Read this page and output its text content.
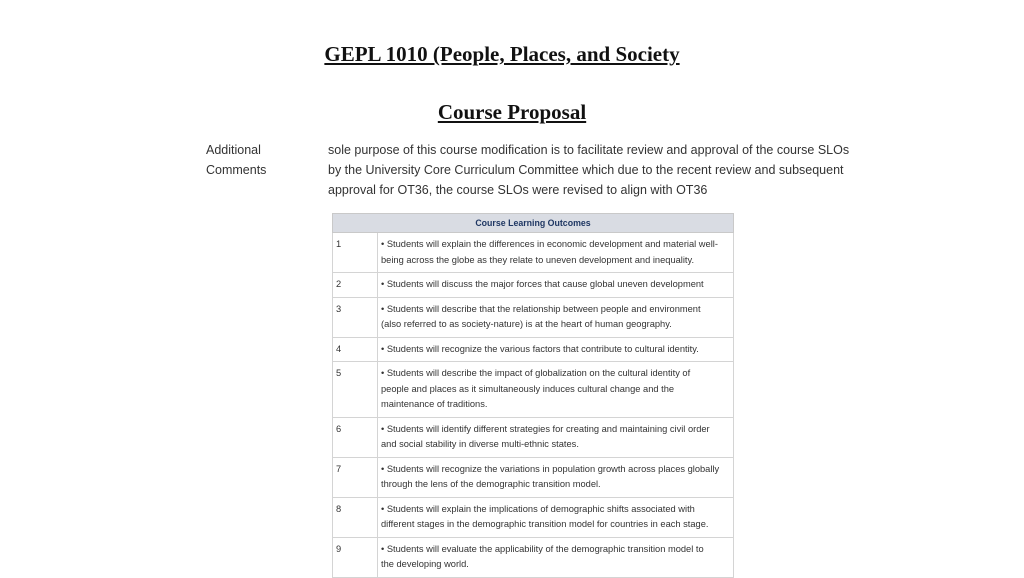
GEPL 1010 (People, Places, and Society
Course Proposal
Additional
Comments
sole purpose of this course modification is to facilitate review and approval of the course SLOs
by the University Core Curriculum Committee which due to the recent review and subsequent
approval for OT36, the course SLOs were revised to align with OT36
Course Learning Outcomes	
1	• Students will explain the differences in economic development and material well-
being across the globe as they relate to uneven development and inequality.

2	• Students will discuss the major forces that cause global uneven development

3	• Students will describe that the relationship between people and environment
(also referred to as society-nature) is at the heart of human geography.

4	• Students will recognize the various factors that contribute to cultural identity.

5	• Students will describe the impact of globalization on the cultural identity of
people and places as it simultaneously induces cultural change and the
maintenance of traditions.

6	• Students will identify different strategies for creating and maintaining civil order
and social stability in diverse multi-ethnic states.

7	• Students will recognize the variations in population growth across places globally
through the lens of the demographic transition model.

8	• Students will explain the implications of demographic shifts associated with
different stages in the demographic transition model for countries in each stage.

9	• Students will evaluate the applicability of the demographic transition model to
the developing world.
